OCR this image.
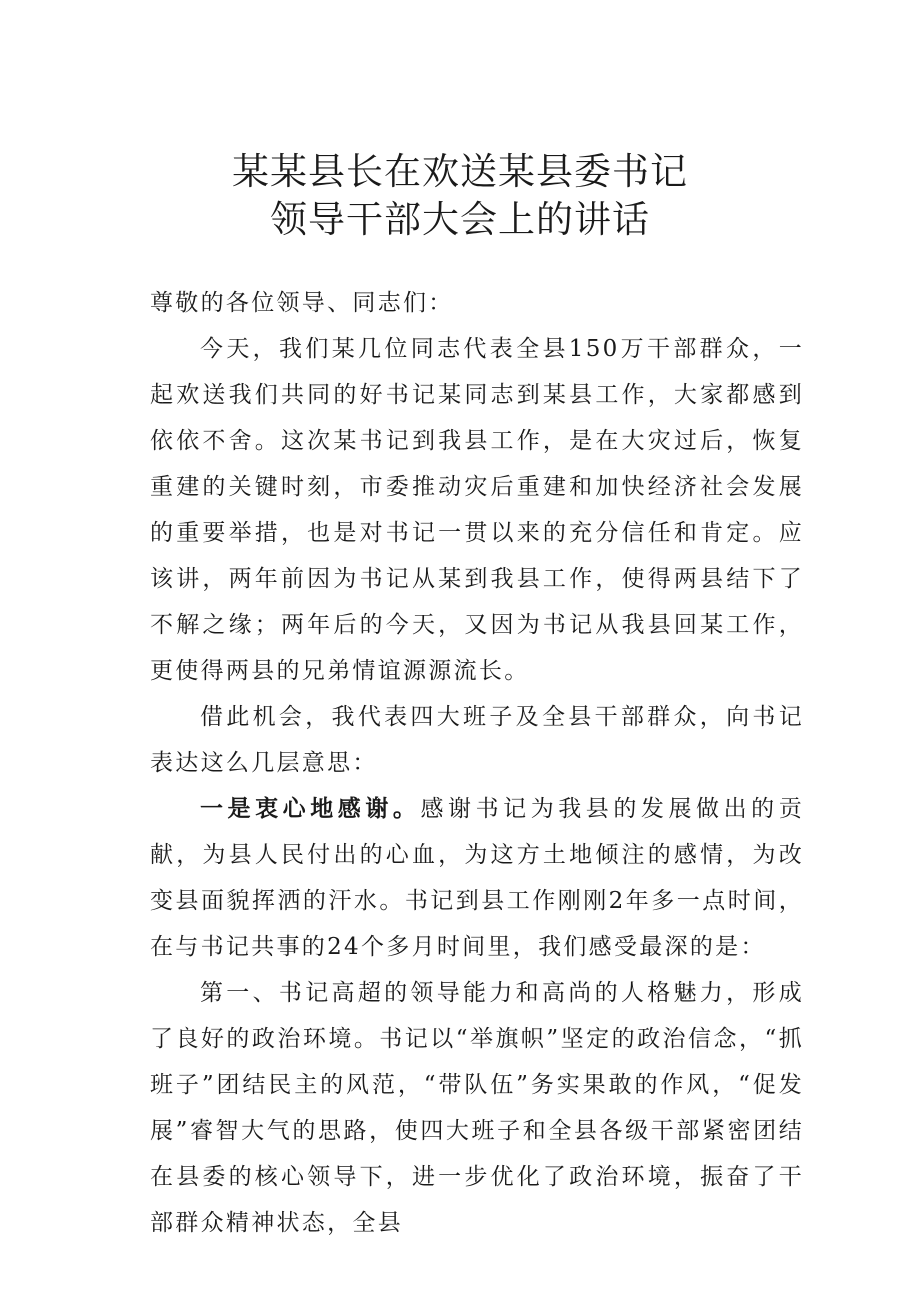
某某县长在欢送某县委书记
领导干部大会上的讲话

尊敬的各位领导、同志们：

今天，我们某几位同志代表全县150万干部群众，一起欢送我们共同的好书记某同志到某县工作，大家都感到依依不舍。这次某书记到我县工作，是在大灾过后，恢复重建的关键时刻，市委推动灾后重建和加快经济社会发展的重要举措，也是对书记一贯以来的充分信任和肯定。应该讲，两年前因为书记从某到我县工作，使得两县结下了不解之缘；两年后的今天，又因为书记从我县回某工作，更使得两县的兄弟情谊源源流长。

借此机会，我代表四大班子及全县干部群众，向书记表达这么几层意思：

一是衷心地感谢。感谢书记为我县的发展做出的贡献，为县人民付出的心血，为这方土地倾注的感情，为改变县面貌挥洒的汗水。书记到县工作刚刚2年多一点时间，在与书记共事的24个多月时间里，我们感受最深的是：

第一、书记高超的领导能力和高尚的人格魅力，形成了良好的政治环境。书记以“举旗帜”坚定的政治信念，“抓班子”团结民主的风范，“带队伍”务实果敢的作风，“促发展”睿智大气的思路，使四大班子和全县各级干部紧密团结在县委的核心领导下，进一步优化了政治环境，振奋了干部群众精神状态，全县
